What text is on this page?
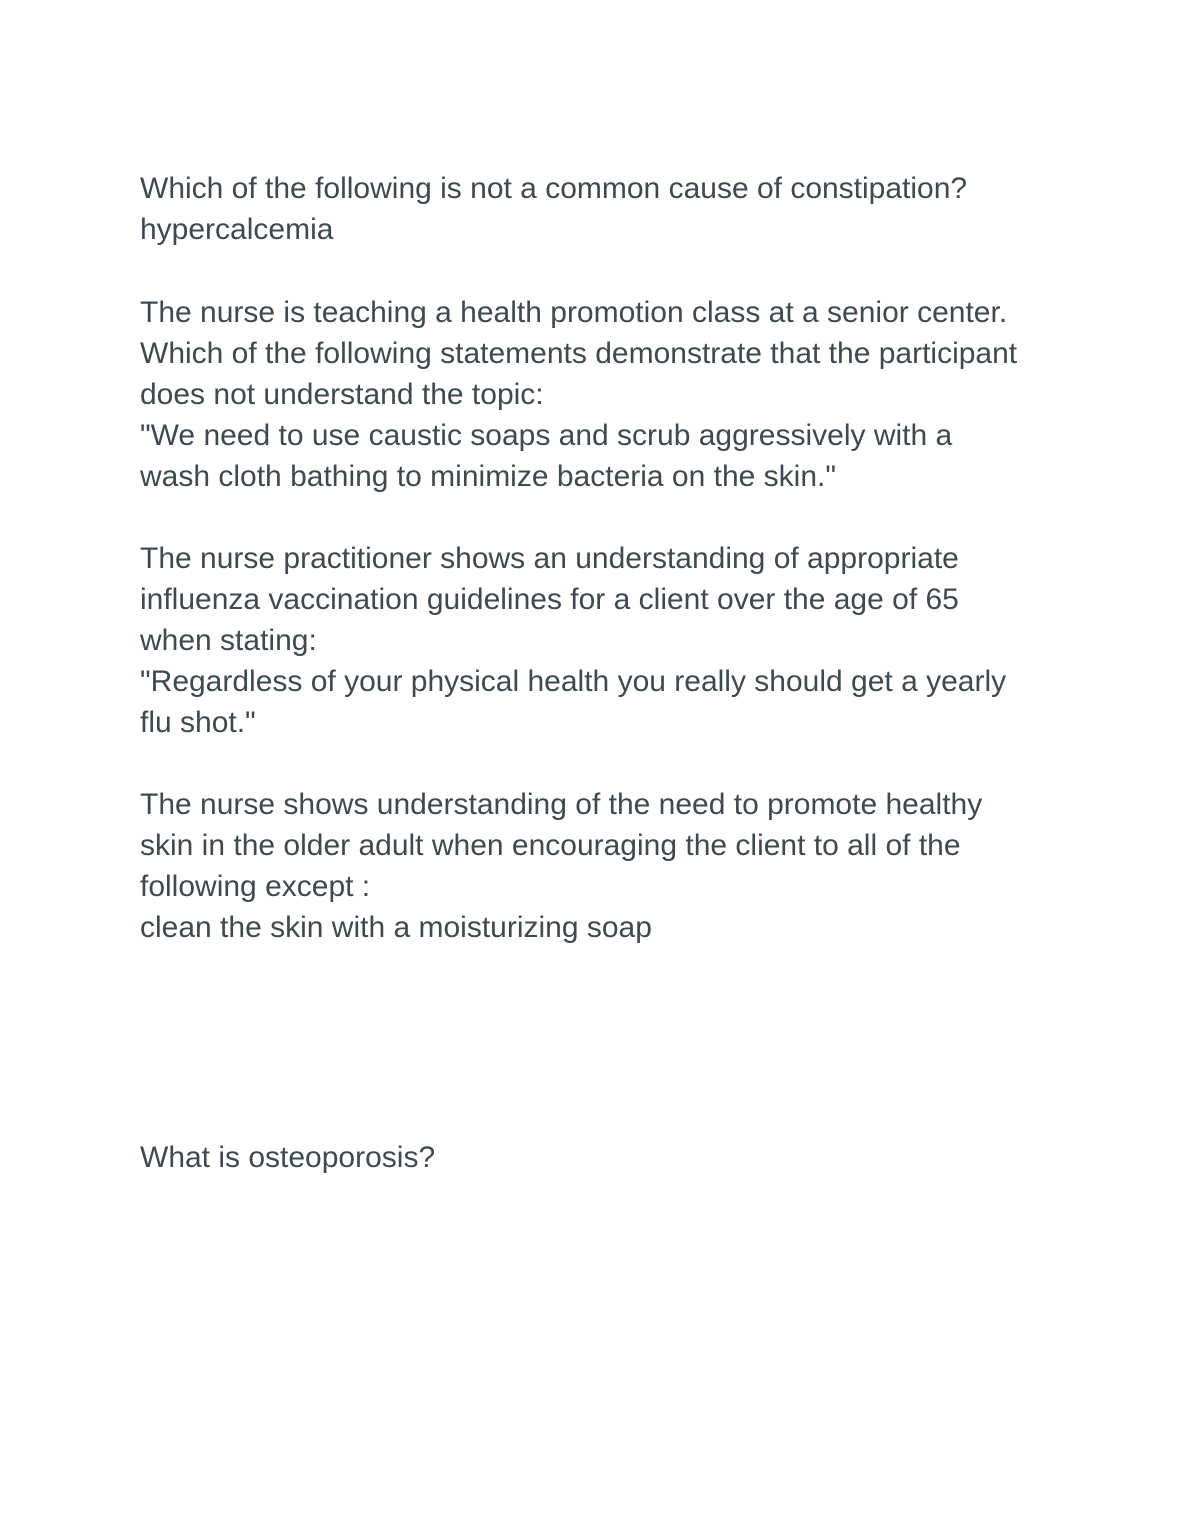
Which of the following is not a common cause of constipation?

hypercalcemia

The nurse is teaching a health promotion class at a senior center.

Which of the following statements demonstrate that the participant

does not understand the topic:

"We need to use caustic soaps and scrub aggressively with a

wash cloth bathing to minimize bacteria on the skin."

The nurse practitioner shows an understanding of appropriate

influenza vaccination guidelines for a client over the age of 65

when stating:

"Regardless of your physical health you really should get a yearly

flu shot."

The nurse shows understanding of the need to promote healthy

skin in the older adult when encouraging the client to all of the

following except :

clean the skin with a moisturizing soap

What is osteoporosis?
